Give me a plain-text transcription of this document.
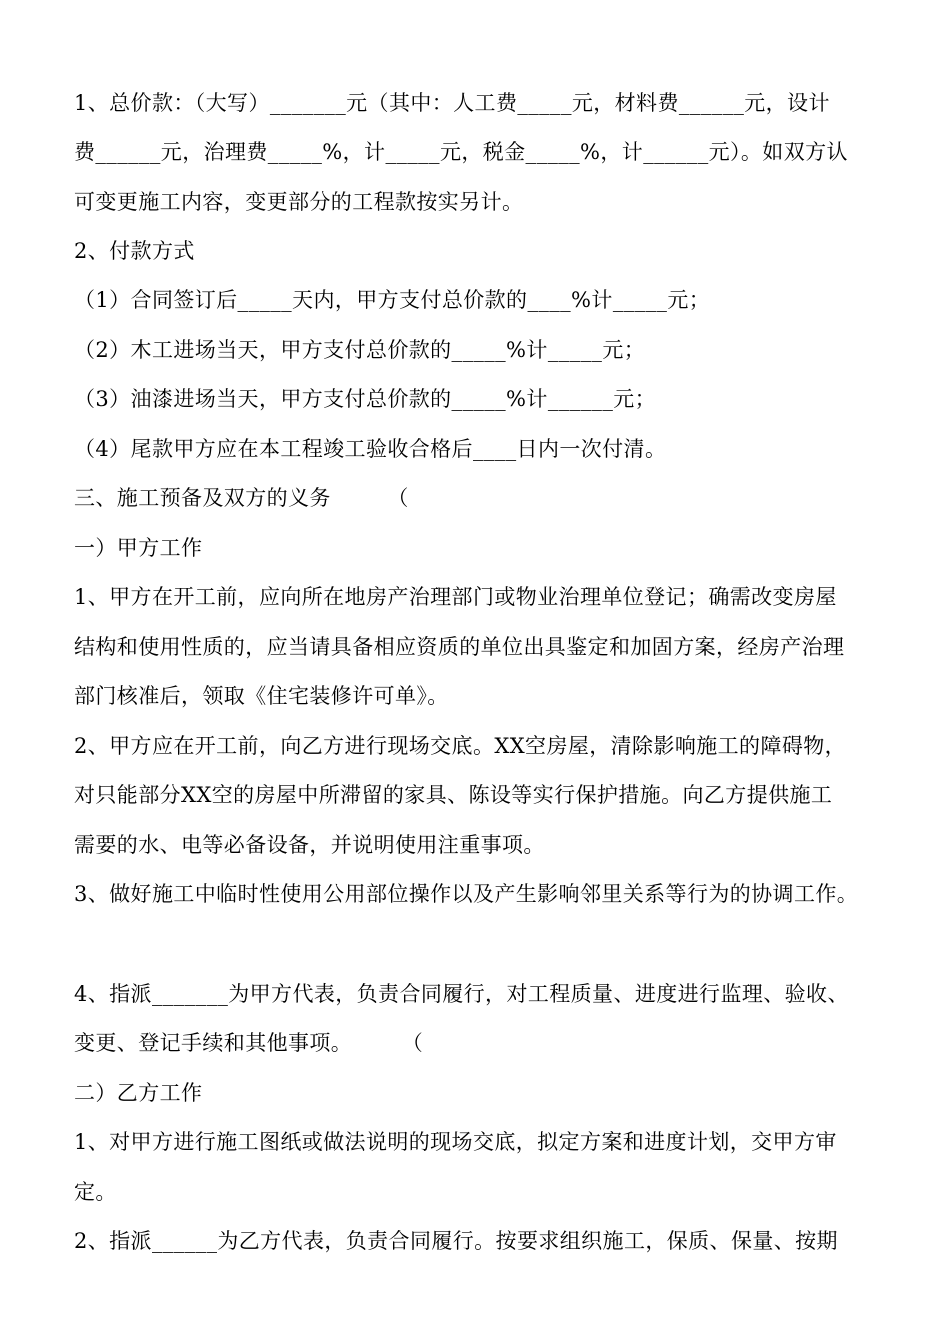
1、总价款：（大写）_______元（其中：人工费_____元，材料费______元，设计
费______元，治理费_____%，计_____元，税金_____%，计______元）。如双方认
可变更施工内容，变更部分的工程款按实另计。
2、付款方式
（1）合同签订后_____天内，甲方支付总价款的____%计_____元；
（2）木工进场当天，甲方支付总价款的_____%计_____元；
（3）油漆进场当天，甲方支付总价款的_____%计______元；
（4）尾款甲方应在本工程竣工验收合格后____日内一次付清。
三、施工预备及双方的义务        （
一）甲方工作
1、甲方在开工前，应向所在地房产治理部门或物业治理单位登记；确需改变房屋
结构和使用性质的，应当请具备相应资质的单位出具鉴定和加固方案，经房产治理
部门核准后，领取《住宅装修许可单》。
2、甲方应在开工前，向乙方进行现场交底。XX空房屋，清除影响施工的障碍物，
对只能部分XX空的房屋中所滞留的家具、陈设等实行保护措施。向乙方提供施工
需要的水、电等必备设备，并说明使用注重事项。
3、做好施工中临时性使用公用部位操作以及产生影响邻里关系等行为的协调工作。
4、指派_______为甲方代表，负责合同履行，对工程质量、进度进行监理、验收、
变更、登记手续和其他事项。       （
二）乙方工作
1、对甲方进行施工图纸或做法说明的现场交底，拟定方案和进度计划，交甲方审
定。
2、指派______为乙方代表，负责合同履行。按要求组织施工，保质、保量、按期
